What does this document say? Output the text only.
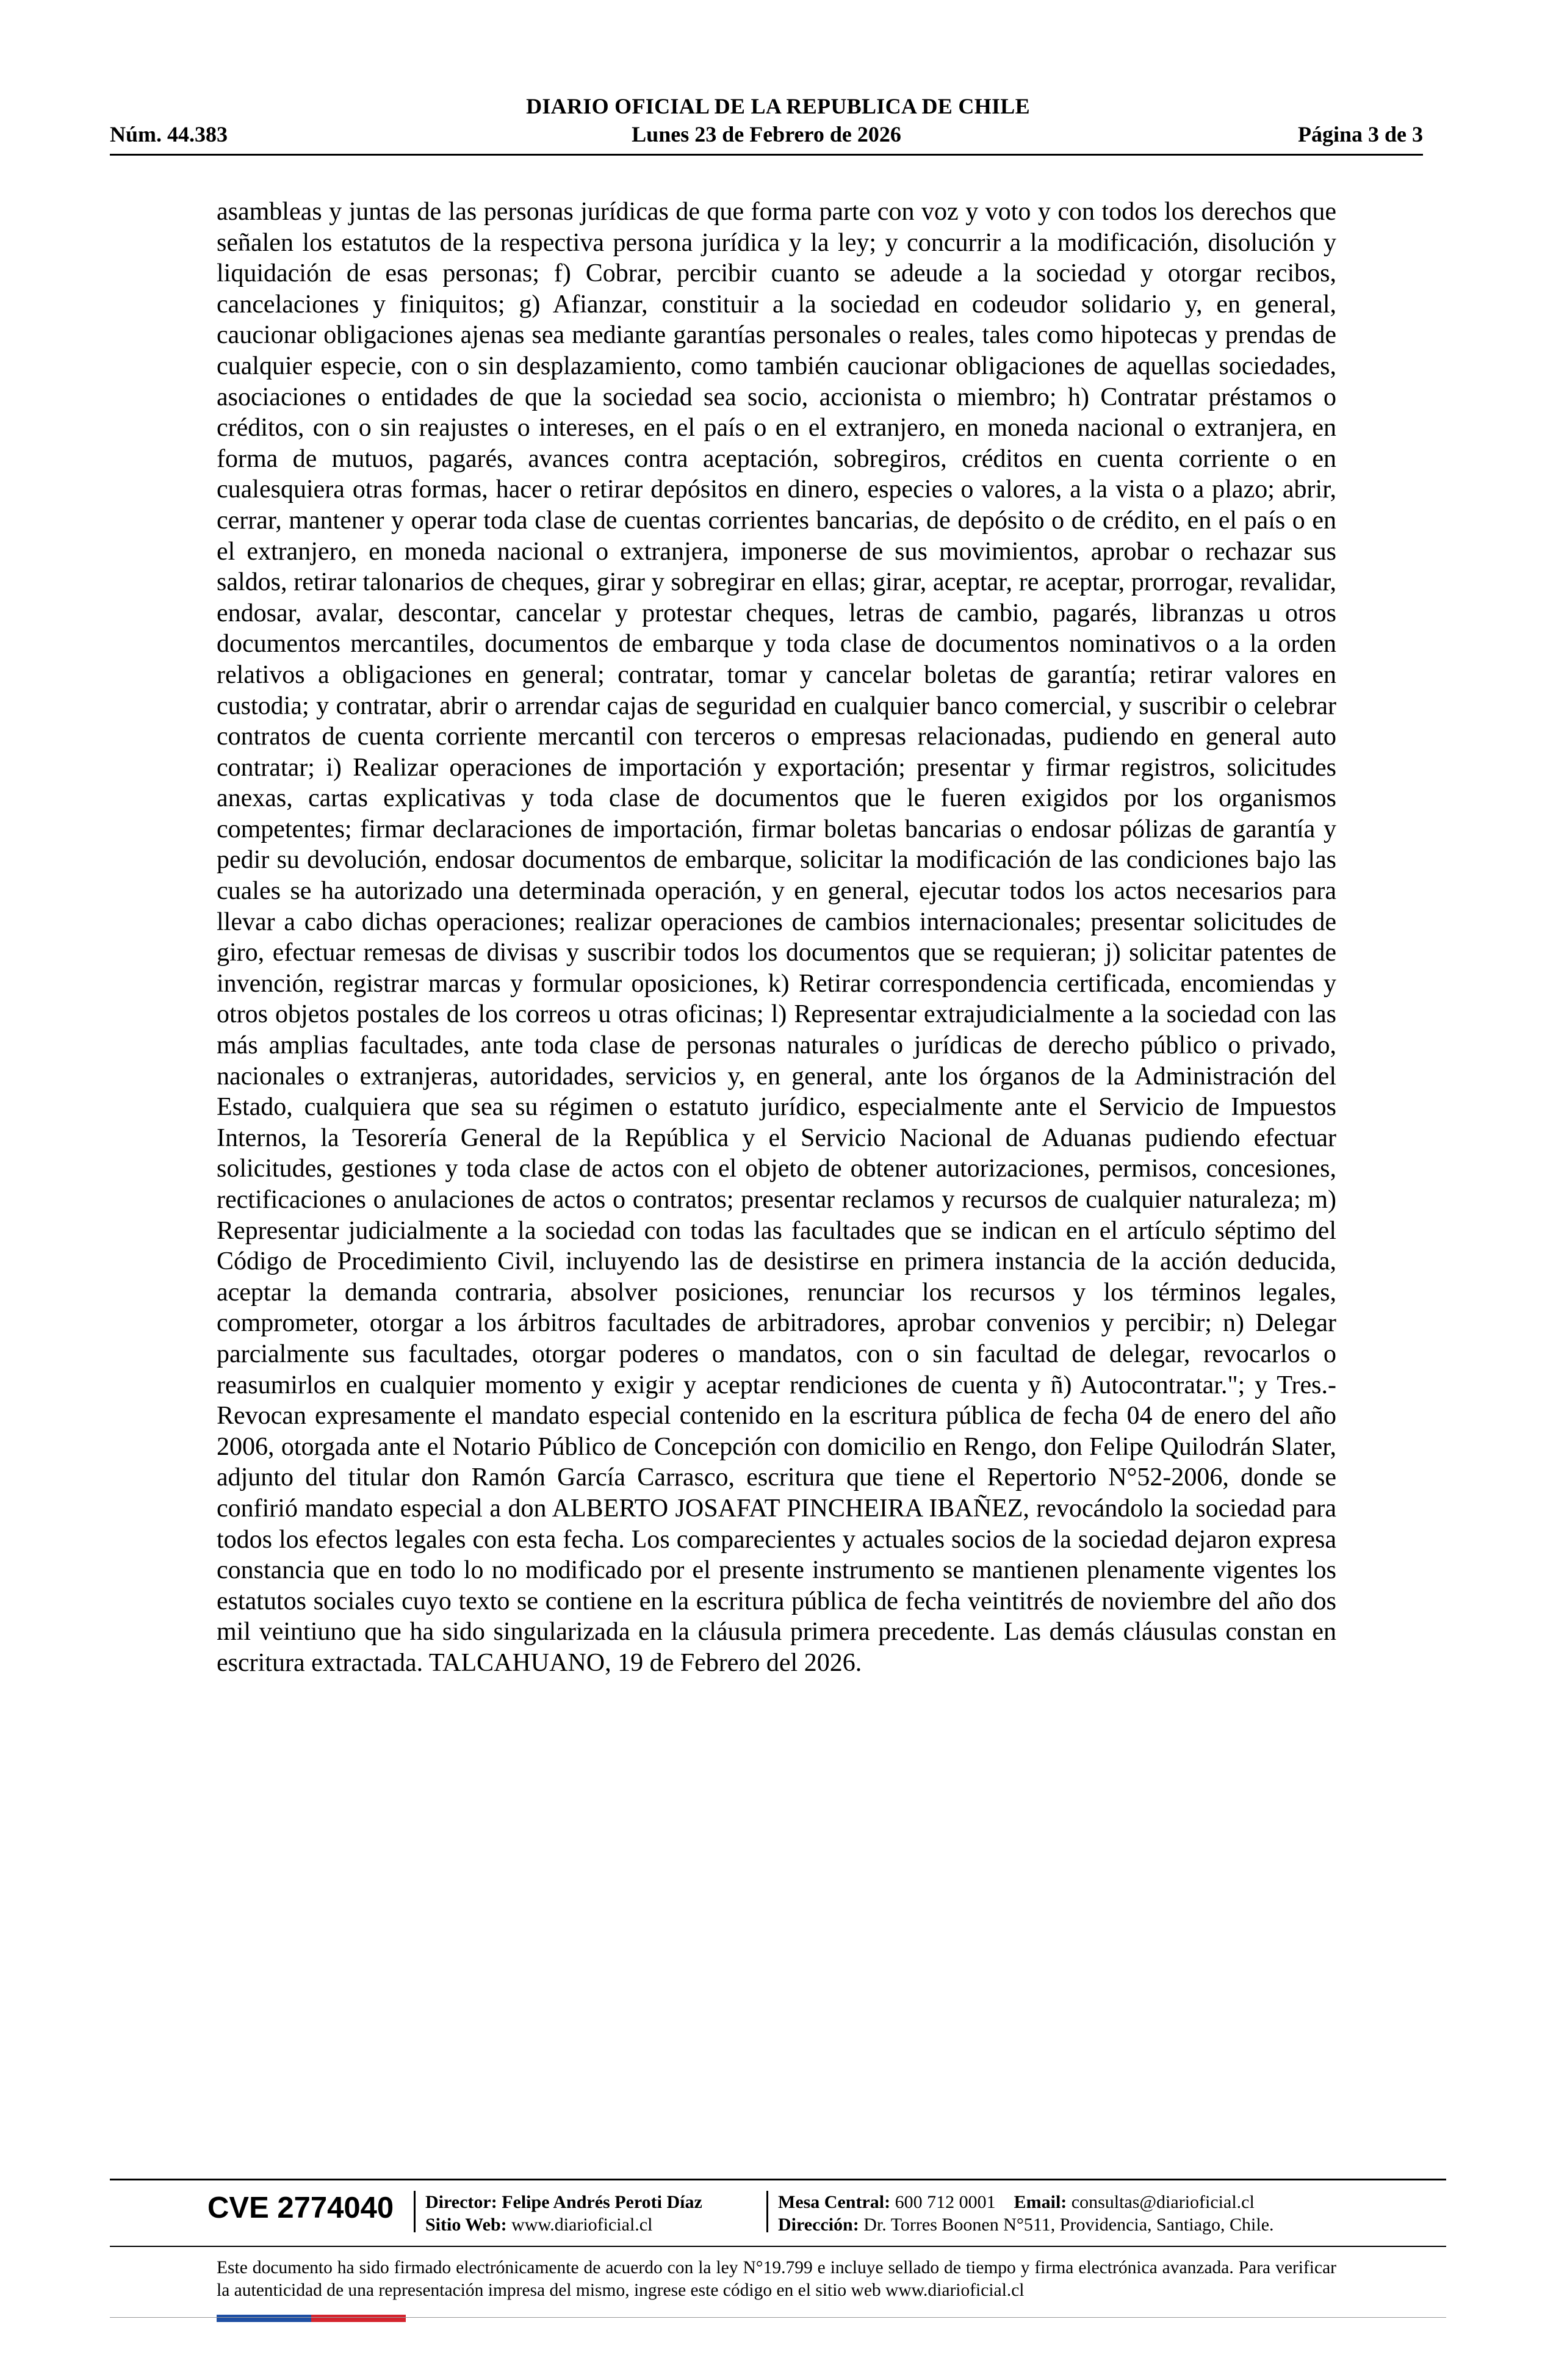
DIARIO OFICIAL DE LA REPUBLICA DE CHILE
Núm. 44.383	Lunes 23 de Febrero de 2026	Página 3 de 3
asambleas y juntas de las personas jurídicas de que forma parte con voz y voto y con todos los derechos que señalen los estatutos de la respectiva persona jurídica y la ley; y concurrir a la modificación, disolución y liquidación de esas personas; f) Cobrar, percibir cuanto se adeude a la sociedad y otorgar recibos, cancelaciones y finiquitos; g) Afianzar, constituir a la sociedad en codeudor solidario y, en general, caucionar obligaciones ajenas sea mediante garantías personales o reales, tales como hipotecas y prendas de cualquier especie, con o sin desplazamiento, como también caucionar obligaciones de aquellas sociedades, asociaciones o entidades de que la sociedad sea socio, accionista o miembro; h) Contratar préstamos o créditos, con o sin reajustes o intereses, en el país o en el extranjero, en moneda nacional o extranjera, en forma de mutuos, pagarés, avances contra aceptación, sobregiros, créditos en cuenta corriente o en cualesquiera otras formas, hacer o retirar depósitos en dinero, especies o valores, a la vista o a plazo; abrir, cerrar, mantener y operar toda clase de cuentas corrientes bancarias, de depósito o de crédito, en el país o en el extranjero, en moneda nacional o extranjera, imponerse de sus movimientos, aprobar o rechazar sus saldos, retirar talonarios de cheques, girar y sobregirar en ellas; girar, aceptar, re aceptar, prorrogar, revalidar, endosar, avalar, descontar, cancelar y protestar cheques, letras de cambio, pagarés, libranzas u otros documentos mercantiles, documentos de embarque y toda clase de documentos nominativos o a la orden relativos a obligaciones en general; contratar, tomar y cancelar boletas de garantía; retirar valores en custodia; y contratar, abrir o arrendar cajas de seguridad en cualquier banco comercial, y suscribir o celebrar contratos de cuenta corriente mercantil con terceros o empresas relacionadas, pudiendo en general auto contratar; i) Realizar operaciones de importación y exportación; presentar y firmar registros, solicitudes anexas, cartas explicativas y toda clase de documentos que le fueren exigidos por los organismos competentes; firmar declaraciones de importación, firmar boletas bancarias o endosar pólizas de garantía y pedir su devolución, endosar documentos de embarque, solicitar la modificación de las condiciones bajo las cuales se ha autorizado una determinada operación, y en general, ejecutar todos los actos necesarios para llevar a cabo dichas operaciones; realizar operaciones de cambios internacionales; presentar solicitudes de giro, efectuar remesas de divisas y suscribir todos los documentos que se requieran; j) solicitar patentes de invención, registrar marcas y formular oposiciones, k) Retirar correspondencia certificada, encomiendas y otros objetos postales de los correos u otras oficinas; l) Representar extrajudicialmente a la sociedad con las más amplias facultades, ante toda clase de personas naturales o jurídicas de derecho público o privado, nacionales o extranjeras, autoridades, servicios y, en general, ante los órganos de la Administración del Estado, cualquiera que sea su régimen o estatuto jurídico, especialmente ante el Servicio de Impuestos Internos, la Tesorería General de la República y el Servicio Nacional de Aduanas pudiendo efectuar solicitudes, gestiones y toda clase de actos con el objeto de obtener autorizaciones, permisos, concesiones, rectificaciones o anulaciones de actos o contratos; presentar reclamos y recursos de cualquier naturaleza; m) Representar judicialmente a la sociedad con todas las facultades que se indican en el artículo séptimo del Código de Procedimiento Civil, incluyendo las de desistirse en primera instancia de la acción deducida, aceptar la demanda contraria, absolver posiciones, renunciar los recursos y los términos legales, comprometer, otorgar a los árbitros facultades de arbitradores, aprobar convenios y percibir; n) Delegar parcialmente sus facultades, otorgar poderes o mandatos, con o sin facultad de delegar, revocarlos o reasumirlos en cualquier momento y exigir y aceptar rendiciones de cuenta y ñ) Autocontratar."; y Tres.- Revocan expresamente el mandato especial contenido en la escritura pública de fecha 04 de enero del año 2006, otorgada ante el Notario Público de Concepción con domicilio en Rengo, don Felipe Quilodrán Slater, adjunto del titular don Ramón García Carrasco, escritura que tiene el Repertorio N°52-2006, donde se confirió mandato especial a don ALBERTO JOSAFAT PINCHEIRA IBAÑEZ, revocándolo la sociedad para todos los efectos legales con esta fecha. Los comparecientes y actuales socios de la sociedad dejaron expresa constancia que en todo lo no modificado por el presente instrumento se mantienen plenamente vigentes los estatutos sociales cuyo texto se contiene en la escritura pública de fecha veintitrés de noviembre del año dos mil veintiuno que ha sido singularizada en la cláusula primera precedente. Las demás cláusulas constan en escritura extractada. TALCAHUANO, 19 de Febrero del 2026.
CVE 2774040 Director: Felipe Andrés Peroti Díaz
Sitio Web: www.diarioficial.cl
Mesa Central: 600 712 0001 Email: consultas@diarioficial.cl
Dirección: Dr. Torres Boonen N°511, Providencia, Santiago, Chile.
Este documento ha sido firmado electrónicamente de acuerdo con la ley N°19.799 e incluye sellado de tiempo y firma electrónica avanzada. Para verificar la autenticidad de una representación impresa del mismo, ingrese este código en el sitio web www.diarioficial.cl
